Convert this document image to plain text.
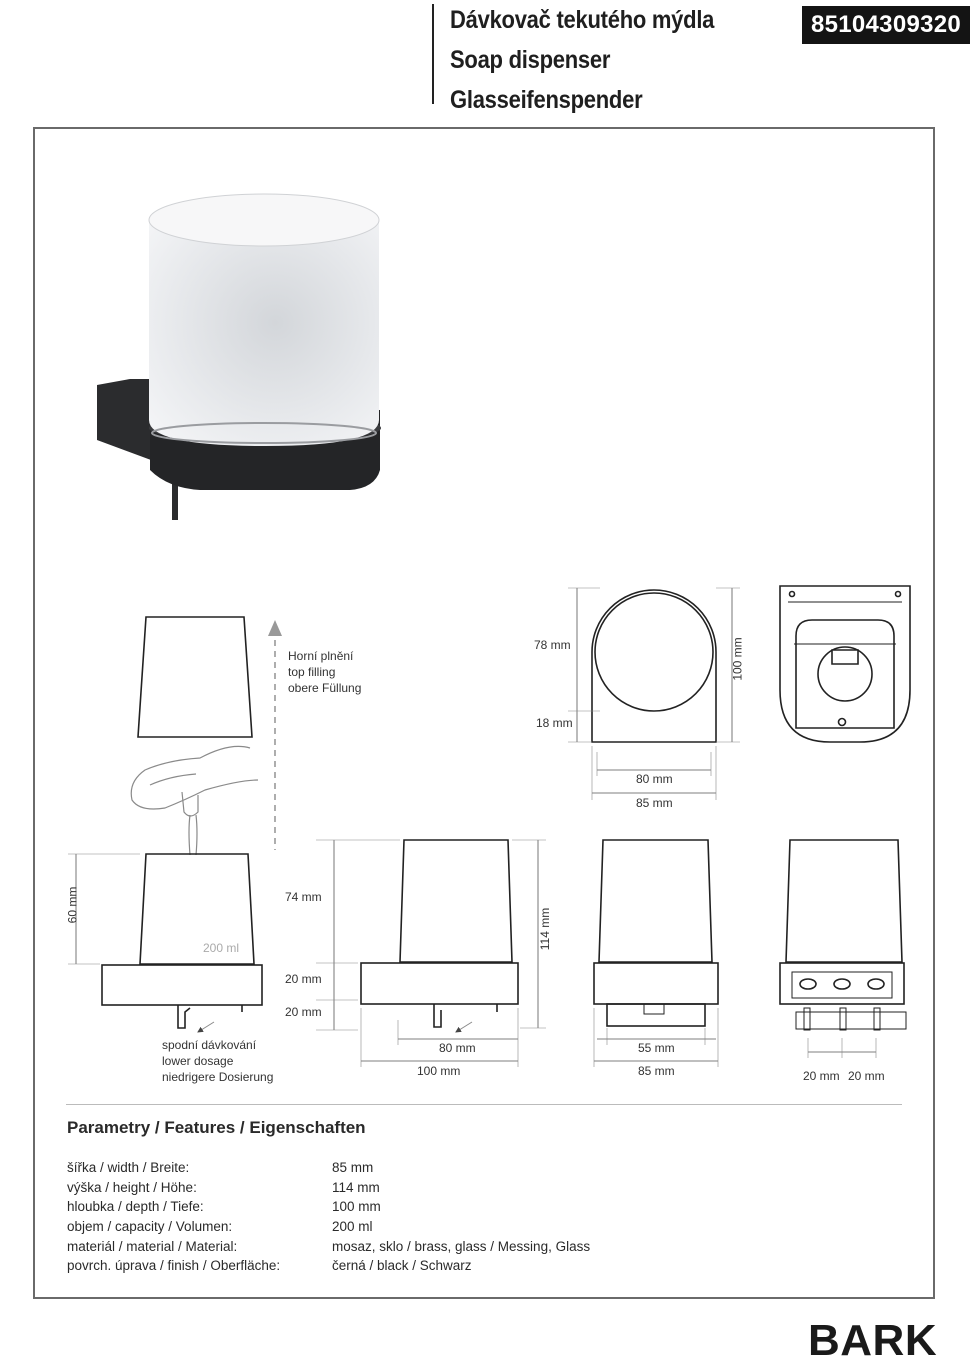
Dávkovač tekutého mýdla
Soap dispenser
Glasseifenspender
85104309320
Horní plnění
top filling
obere Füllung
spodní dávkování
lower dosage
niedrigere Dosierung
200 ml
78 mm
18 mm
100 mm
80 mm
85 mm
60 mm	74 mm
20 mm
20 mm
114 mm
80 mm
100 mm
55 mm
85 mm	20 mm 20 mm
Parametry / Features / Eigenschaften
šířka / width / Breite:	85 mm
výška / height / Höhe:	114 mm
hloubka / depth / Tiefe:	100 mm
objem / capacity / Volumen:	200 ml
materiál / material / Material:	mosaz, sklo / brass, glass / Messing, Glass
povrch. úprava / finish / Oberfläche:	černá / black / Schwarz
BARK
